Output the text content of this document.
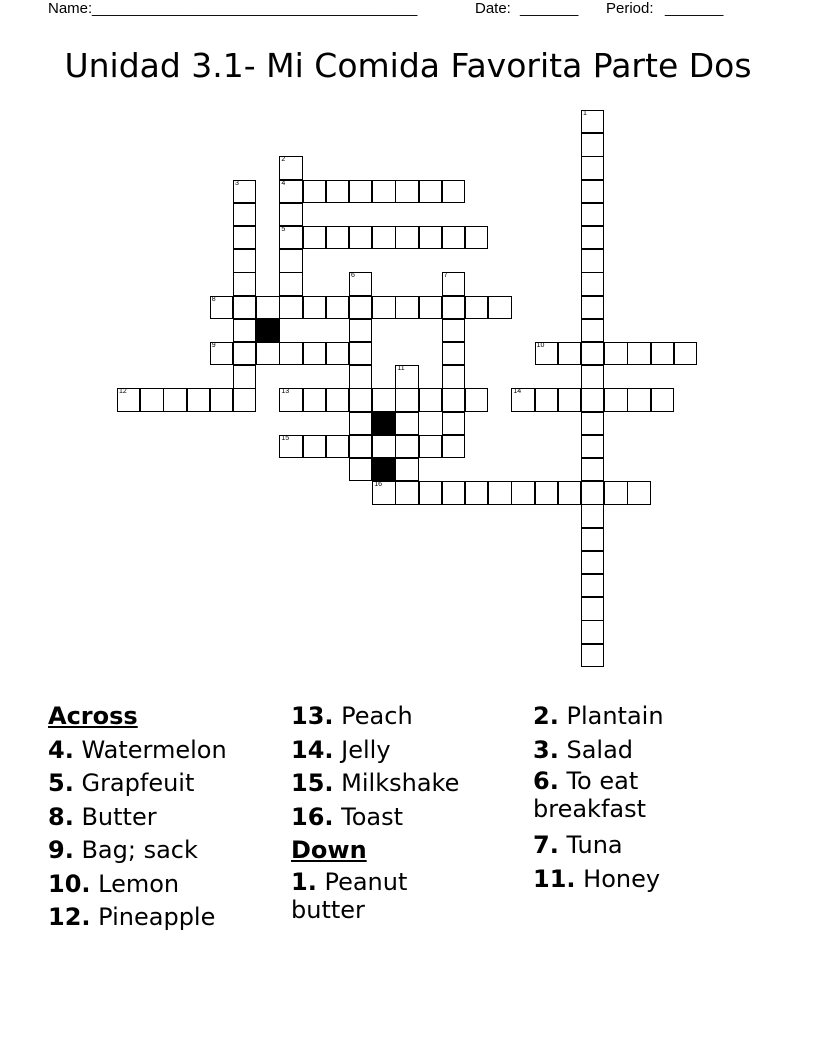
Name: _______________________________________	Date: _______ Period: _______
Unidad 3.1- Mi Comida Favorita Parte Dos
4
5
8
9	10
12	13	14
15
16
1
2
3
6	7
11
Across
4. Watermelon
5. Grapfeuit
8. Butter
9. Bag; sack
10. Lemon
12. Pineapple
13. Peach
14. Jelly
15. Milkshake
16. Toast
Down
1. Peanut butter
2. Plantain
3. Salad
6. To eat breakfast
7. Tuna
11. Honey
